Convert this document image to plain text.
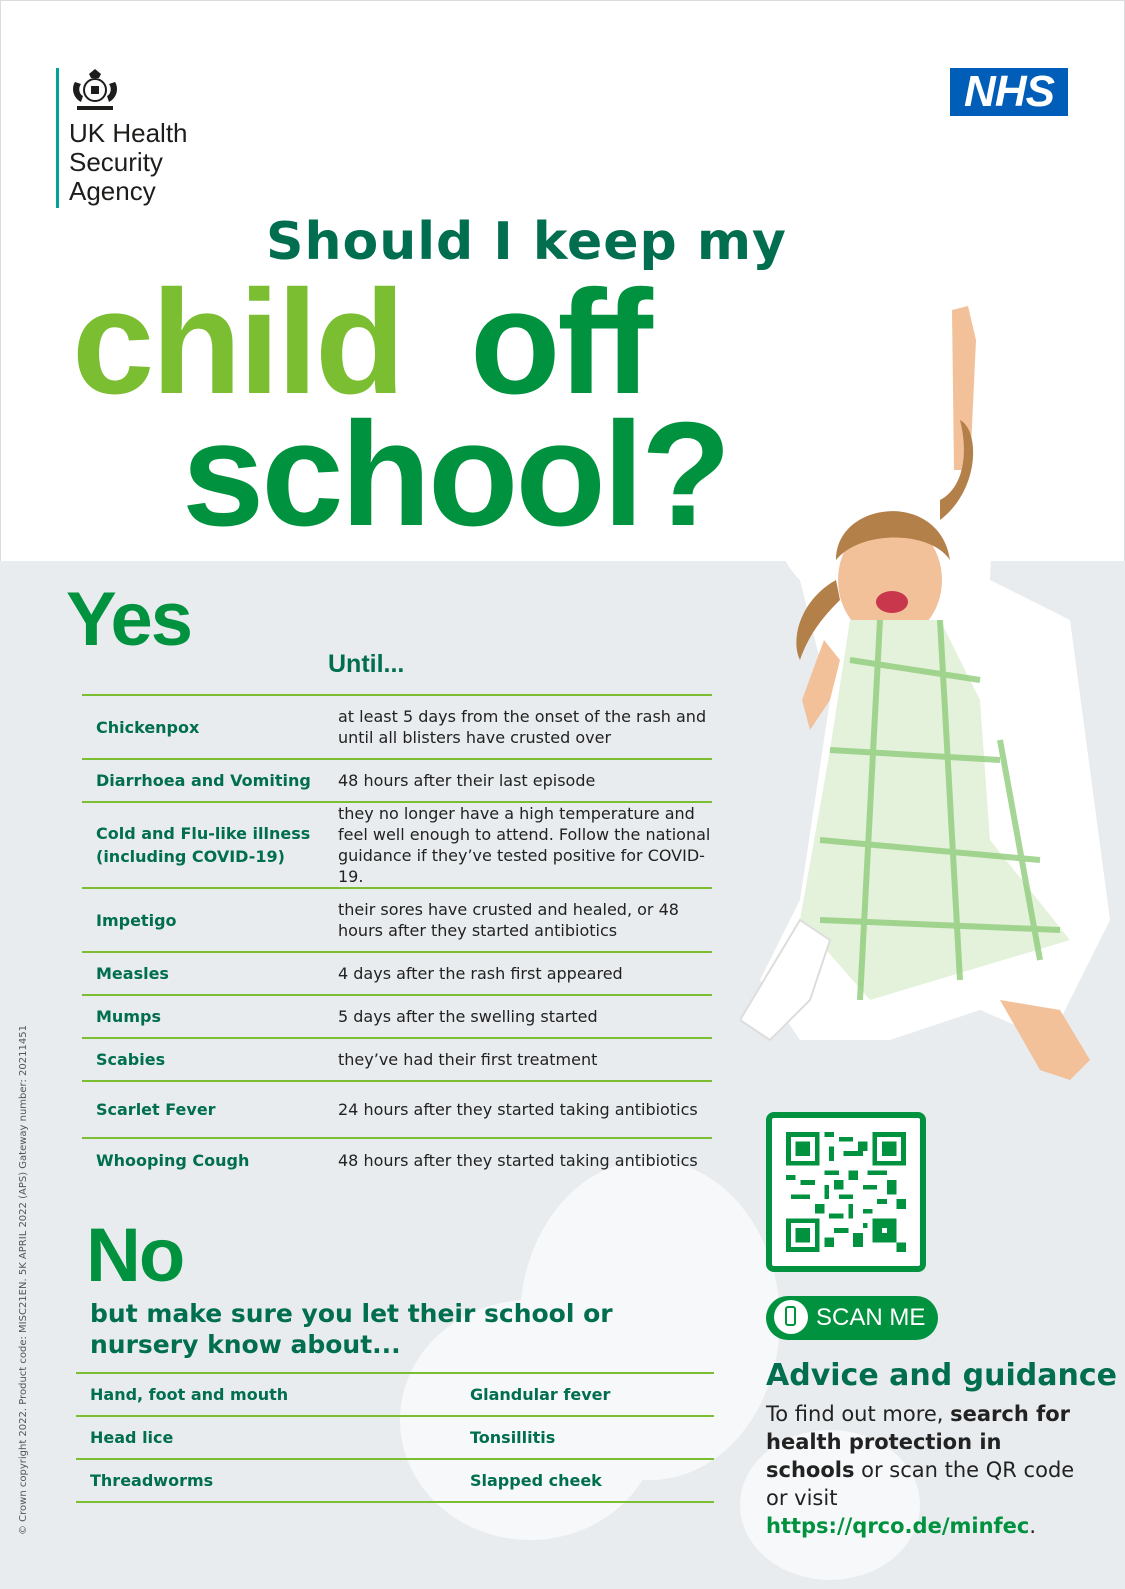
UK Health Security Agency
NHS
Should I keep my
child off
school?
Yes
Until...
Chickenpox	at least 5 days from the onset of the rash and until all blisters have crusted over
Diarrhoea and Vomiting	48 hours after their last episode
Cold and Flu-like illness (including COVID-19)	they no longer have a high temperature and feel well enough to attend. Follow the national guidance if they’ve tested positive for COVID-19.
Impetigo	their sores have crusted and healed, or 48 hours after they started antibiotics
Measles	4 days after the rash first appeared
Mumps	5 days after the swelling started
Scabies	they’ve had their first treatment
Scarlet Fever	24 hours after they started taking antibiotics
Whooping Cough	48 hours after they started taking antibiotics
No
but make sure you let their school or nursery know about...
Hand, foot and mouth	Glandular fever
Head lice	Tonsillitis
Threadworms	Slapped cheek
SCAN ME
Advice and guidance
To find out more, search for health protection in schools or scan the QR code or visit https://qrco.de/minfec.
© Crown copyright 2022. Product code: MISC21EN. 5K APRIL 2022 (APS) Gateway number: 20211451
